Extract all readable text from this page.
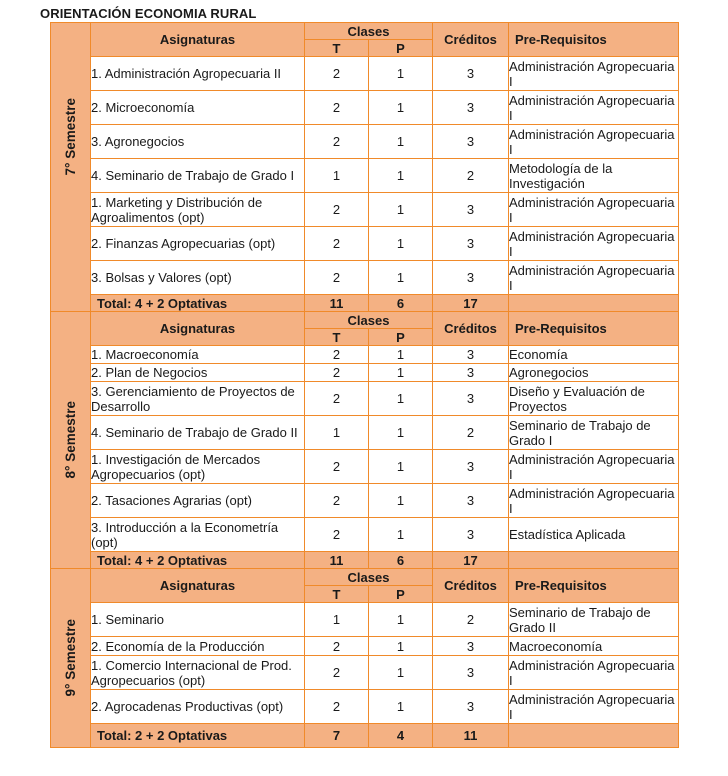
ORIENTACIÓN ECONOMIA RURAL
7° Semestre	Asignaturas	Clases		Créditos	Pre-Requisitos
		T	P		
	1. Administración Agropecuaria II	2	1	3	Administración Agropecuaria I
	2. Microeconomía	2	1	3	Administración Agropecuaria I
	3. Agronegocios	2	1	3	Administración Agropecuaria I
	4. Seminario de Trabajo de Grado I	1	1	2	Metodología de la Investigación
	1. Marketing y Distribución de Agroalimentos (opt)	2	1	3	Administración Agropecuaria I
	2. Finanzas Agropecuarias (opt)	2	1	3	Administración Agropecuaria I
	3. Bolsas y Valores (opt)	2	1	3	Administración Agropecuaria I
	Total: 4 + 2 Optativas	11	6	17	

8° Semestre	Asignaturas	Clases		Créditos	Pre-Requisitos
		T	P		
	1. Macroeconomía	2	1	3	Economía
	2. Plan de Negocios	2	1	3	Agronegocios
	3. Gerenciamiento de Proyectos de Desarrollo	2	1	3	Diseño y Evaluación de Proyectos
	4. Seminario de Trabajo de Grado II	1	1	2	Seminario de Trabajo de Grado I
	1. Investigación de Mercados Agropecuarios (opt)	2	1	3	Administración Agropecuaria I
	2. Tasaciones Agrarias (opt)	2	1	3	Administración Agropecuaria I
	3. Introducción a la Econometría (opt)	2	1	3	Estadística Aplicada
	Total: 4 + 2 Optativas	11	6	17	

9° Semestre	Asignaturas	Clases		Créditos	Pre-Requisitos
		T	P		
	1. Seminario	1	1	2	Seminario de Trabajo de Grado II
	2. Economía de la Producción	2	1	3	Macroeconomía
	1. Comercio Internacional de Prod. Agropecuarios (opt)	2	1	3	Administración Agropecuaria I
	2. Agrocadenas Productivas (opt)	2	1	3	Administración Agropecuaria I
	Total: 2 + 2 Optativas	7	4	11	
